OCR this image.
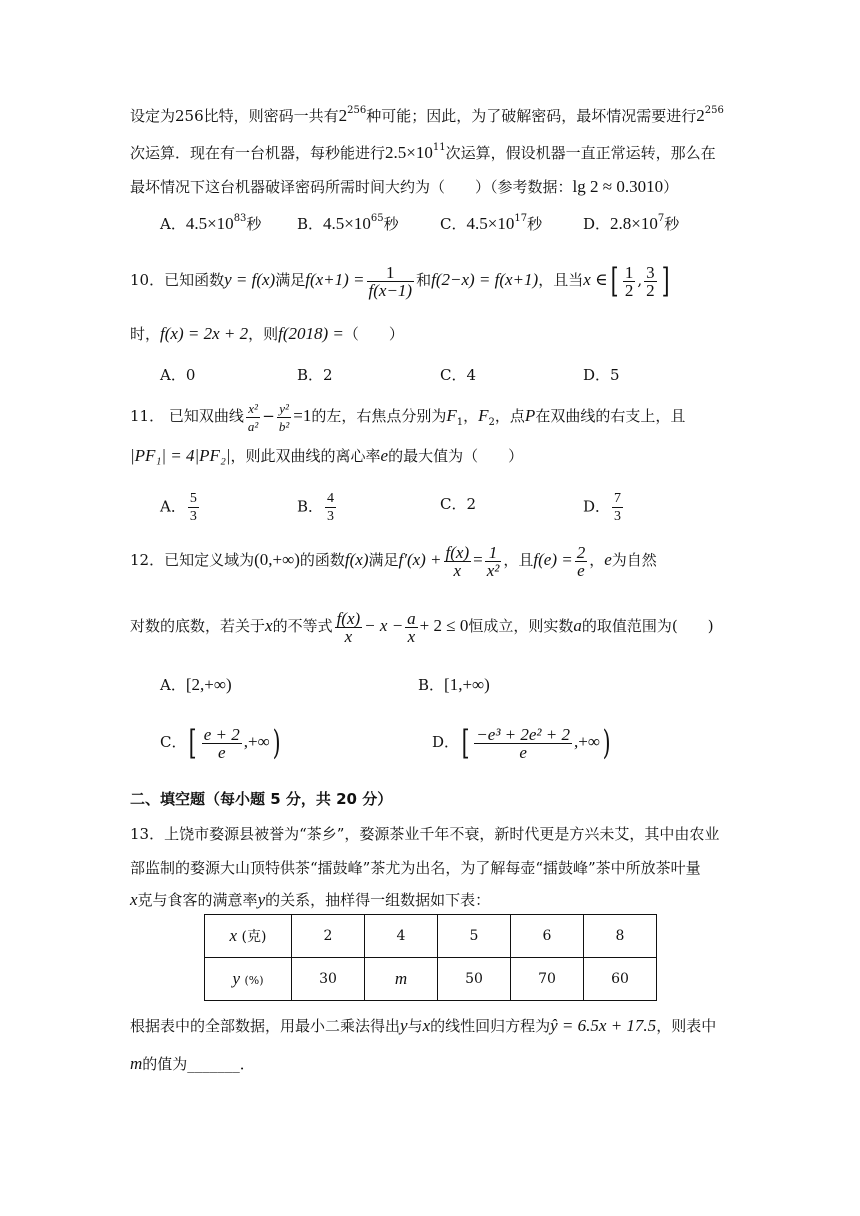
设定为256比特，则密码一共有$2^{256}$种可能；因此，为了破解密码，最坏情况需要进行$2^{256}$
次运算．现在有一台机器，每秒能进行$2.5\times 10^{11}$次运算，假设机器一直正常运转，那么在
最坏情况下这台机器破译密码所需时间大约为（　　）（参考数据：lg 2 ≈ 0.3010）
A．$4.5\times 10^{83}$秒 B．$4.5\times 10^{65}$秒	C．$4.5\times 10^{17}$秒	D．$2.8\times 10^7$秒
10．已知函数y = f(x)满足$f(x+1) = \frac{1}{f(x-1)}$ 和f(2−x) = f(x+1)，且当x ∈[ $\frac{1}{2}$ , $\frac{3}{2}$ ]
时，f(x) = 2x + 2，则f(2018) =（　　）
A．0	B．2	C．4	D．5
11． 已知双曲线 $\frac{\text{x²}}{\text{a²}} - \frac{\text{y²}}{\text{b²}} =1$的左，右焦点分别为$F_1$，$F_2$，点P在双曲线的右支上，且
|PF₁| = 4|PF₂|，则此双曲线的离心率e的最大值为（　　）
A． $\frac{5}{3}$	B． $\frac{4}{3}$	C．2	D． $\frac{7}{3}$
12．已知定义域为(0,+∞)的函数f(x)满足$f'(x) + \frac{f(x)}{x} = \frac{1}{\text{x²}}$ ，且$f(e) = \frac{2}{e}$ ，e为自然
对数的底数，若关于x的不等式 $\frac{f(x)}{x} - x - \frac{a}{x} + 2 \le 0$恒成立，则实数a的取值范围为(　　)
A．[2,+∞)	B．[1,+∞)
C．[ $\frac{e + 2}{e}$ ,+∞)	D．[ $\frac{\text{−e³ + 2e² + 2}}{e}$ ,+∞)
二、填空题（每小题 5 分，共 20 分）
13．上饶市婺源县被誉为“茶乡”，婺源茶业千年不衰，新时代更是方兴未艾，其中由农业
部监制的婺源大山顶特供茶“擂鼓峰”茶尤为出名，为了解每壶“擂鼓峰”茶中所放茶叶量
x克与食客的满意率y的关系，抽样得一组数据如下表：
x (克)	2	4	5	6	8
y (%)	30	m	50	70	60
根据表中的全部数据，用最小二乘法得出y与x的线性回归方程为ŷ = 6.5x + 17.5，则表中
m的值为_______．
